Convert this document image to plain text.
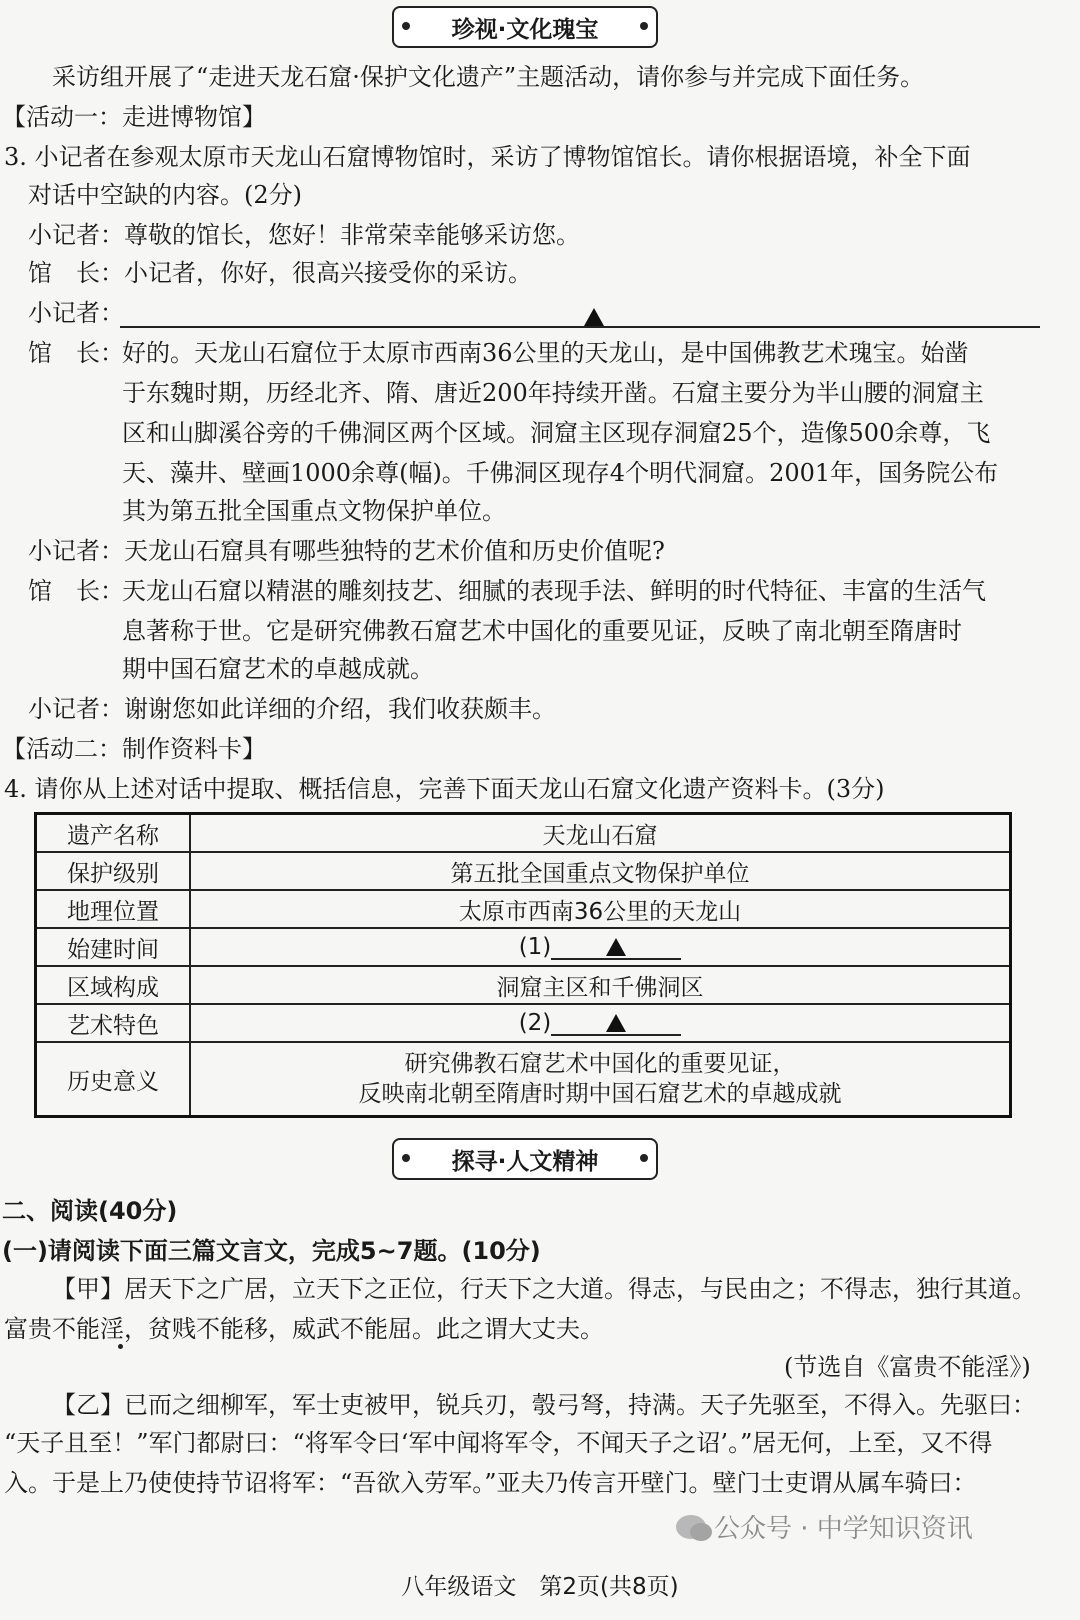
珍视·文化瑰宝
采访组开展了“走进天龙石窟·保护文化遗产”主题活动，请你参与并完成下面任务。
【活动一：走进博物馆】
3. 小记者在参观太原市天龙山石窟博物馆时，采访了博物馆馆长。请你根据语境，补全下面
对话中空缺的内容。(2分)
小记者：尊敬的馆长，您好！非常荣幸能够采访您。
馆　长：小记者，你好，很高兴接受你的采访。
小记者：
馆　长：
好的。天龙山石窟位于太原市西南36公里的天龙山，是中国佛教艺术瑰宝。始凿
于东魏时期，历经北齐、隋、唐近200年持续开凿。石窟主要分为半山腰的洞窟主
区和山脚溪谷旁的千佛洞区两个区域。洞窟主区现存洞窟25个，造像500余尊，飞
天、藻井、壁画1000余尊(幅)。千佛洞区现存4个明代洞窟。2001年，国务院公布
其为第五批全国重点文物保护单位。
小记者：天龙山石窟具有哪些独特的艺术价值和历史价值呢?
馆　长：
天龙山石窟以精湛的雕刻技艺、细腻的表现手法、鲜明的时代特征、丰富的生活气
息著称于世。它是研究佛教石窟艺术中国化的重要见证，反映了南北朝至隋唐时
期中国石窟艺术的卓越成就。
小记者：谢谢您如此详细的介绍，我们收获颇丰。
【活动二：制作资料卡】
4. 请你从上述对话中提取、概括信息，完善下面天龙山石窟文化遗产资料卡。(3分)
遗产名称	天龙山石窟
保护级别	第五批全国重点文物保护单位
地理位置	太原市西南36公里的天龙山
始建时间	(1)

区域构成	洞窟主区和千佛洞区
艺术特色	(2)

历史意义	研究佛教石窟艺术中国化的重要见证，
反映南北朝至隋唐时期中国石窟艺术的卓越成就
探寻·人文精神
二、阅读(40分)
(一)请阅读下面三篇文言文，完成5~7题。(10分)
【甲】居天下之广居，立天下之正位，行天下之大道。得志，与民由之；不得志，独行其道。
富贵不能淫，贫贱不能移，威武不能屈。此之谓大丈夫。
(节选自《富贵不能淫》)
【乙】已而之细柳军，军士吏被甲，锐兵刃，彀弓弩，持满。天子先驱至，不得入。先驱曰：
“天子且至！”军门都尉曰：“将军令曰‘军中闻将军令，不闻天子之诏’。”居无何，上至，又不得
入。于是上乃使使持节诏将军：“吾欲入劳军。”亚夫乃传言开壁门。壁门士吏谓从属车骑曰：
公众号 · 中学知识资讯
八年级语文　第2页(共8页)
